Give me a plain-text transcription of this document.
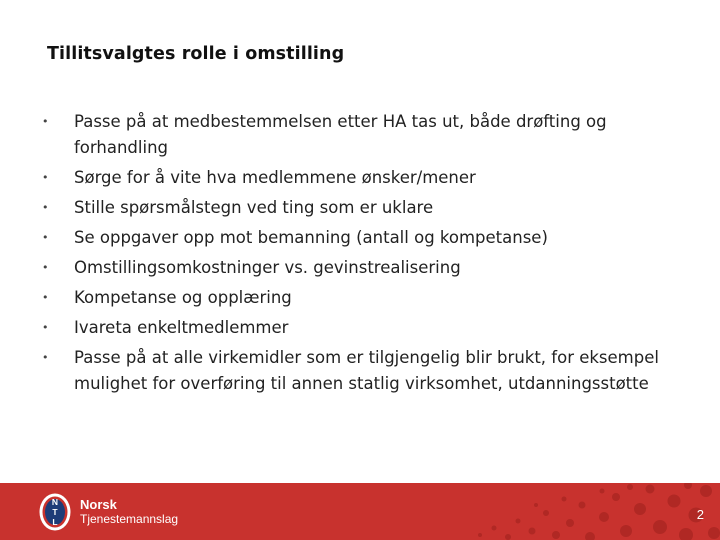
Tillitsvalgtes rolle i omstilling
• Passe på at medbestemmelsen etter HA tas ut, både drøfting og forhandling
• Sørge for å vite hva medlemmene ønsker/mener
• Stille spørsmålstegn ved ting som er uklare
• Se oppgaver opp mot bemanning (antall og kompetanse)
• Omstillingsomkostninger vs. gevinstrealisering
• Kompetanse og opplæring
• Ivareta enkeltmedlemmer
• Passe på at alle virkemidler som er tilgjengelig blir brukt, for eksempel mulighet for overføring til annen statlig virksomhet, utdanningsstøtte
NTL
Norsk
Tjenestemannslag	2
